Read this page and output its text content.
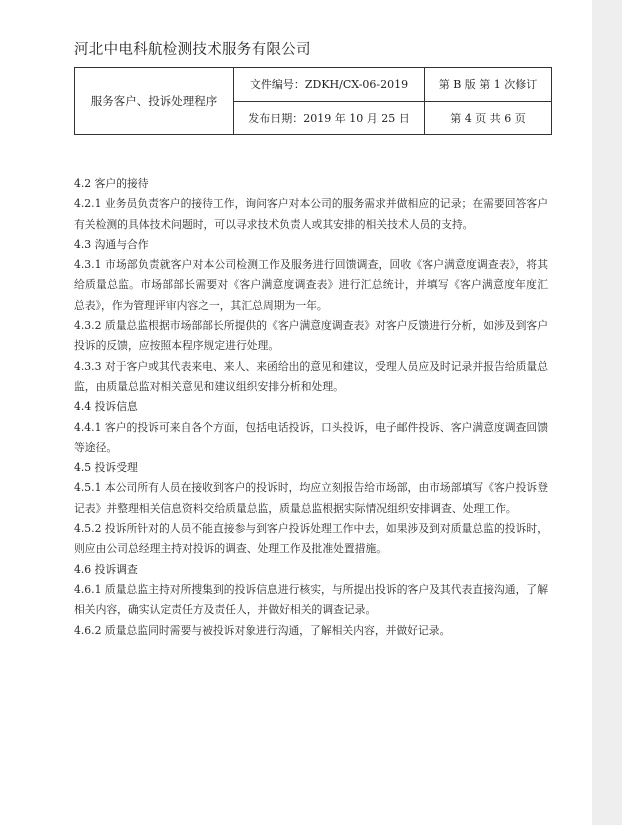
河北中电科航检测技术服务有限公司
服务客户、投诉处理程序	文件编号：ZDKH/CX-06-2019	第 B 版 第 1 次修订
	发布日期：2019 年 10 月 25 日	第 4 页 共 6 页

4.2 客户的接待

4.2.1 业务员负责客户的接待工作，询问客户对本公司的服务需求并做相应的记录；在需要回答客户有关检测的具体技术问题时，可以寻求技术负责人或其安排的相关技术人员的支持。

4.3 沟通与合作

4.3.1 市场部负责就客户对本公司检测工作及服务进行回馈调查，回收《客户满意度调查表》，将其给质量总监。市场部部长需要对《客户满意度调查表》进行汇总统计，并填写《客户满意度年度汇总表》，作为管理评审内容之一，其汇总周期为一年。

4.3.2 质量总监根据市场部部长所提供的《客户满意度调查表》对客户反馈进行分析，如涉及到客户投诉的反馈，应按照本程序规定进行处理。

4.3.3 对于客户或其代表来电、来人、来函给出的意见和建议，受理人员应及时记录并报告给质量总监，由质量总监对相关意见和建议组织安排分析和处理。

4.4 投诉信息

4.4.1 客户的投诉可来自各个方面，包括电话投诉，口头投诉，电子邮件投诉、客户满意度调查回馈等途径。

4.5 投诉受理

4.5.1 本公司所有人员在接收到客户的投诉时，均应立刻报告给市场部，由市场部填写《客户投诉登记表》并整理相关信息资料交给质量总监，质量总监根据实际情况组织安排调查、处理工作。

4.5.2 投诉所针对的人员不能直接参与到客户投诉处理工作中去，如果涉及到对质量总监的投诉时，则应由公司总经理主持对投诉的调查、处理工作及批准处置措施。

4.6 投诉调查

4.6.1 质量总监主持对所搜集到的投诉信息进行核实，与所提出投诉的客户及其代表直接沟通，了解相关内容，确实认定责任方及责任人，并做好相关的调查记录。

4.6.2 质量总监同时需要与被投诉对象进行沟通，了解相关内容，并做好记录。
